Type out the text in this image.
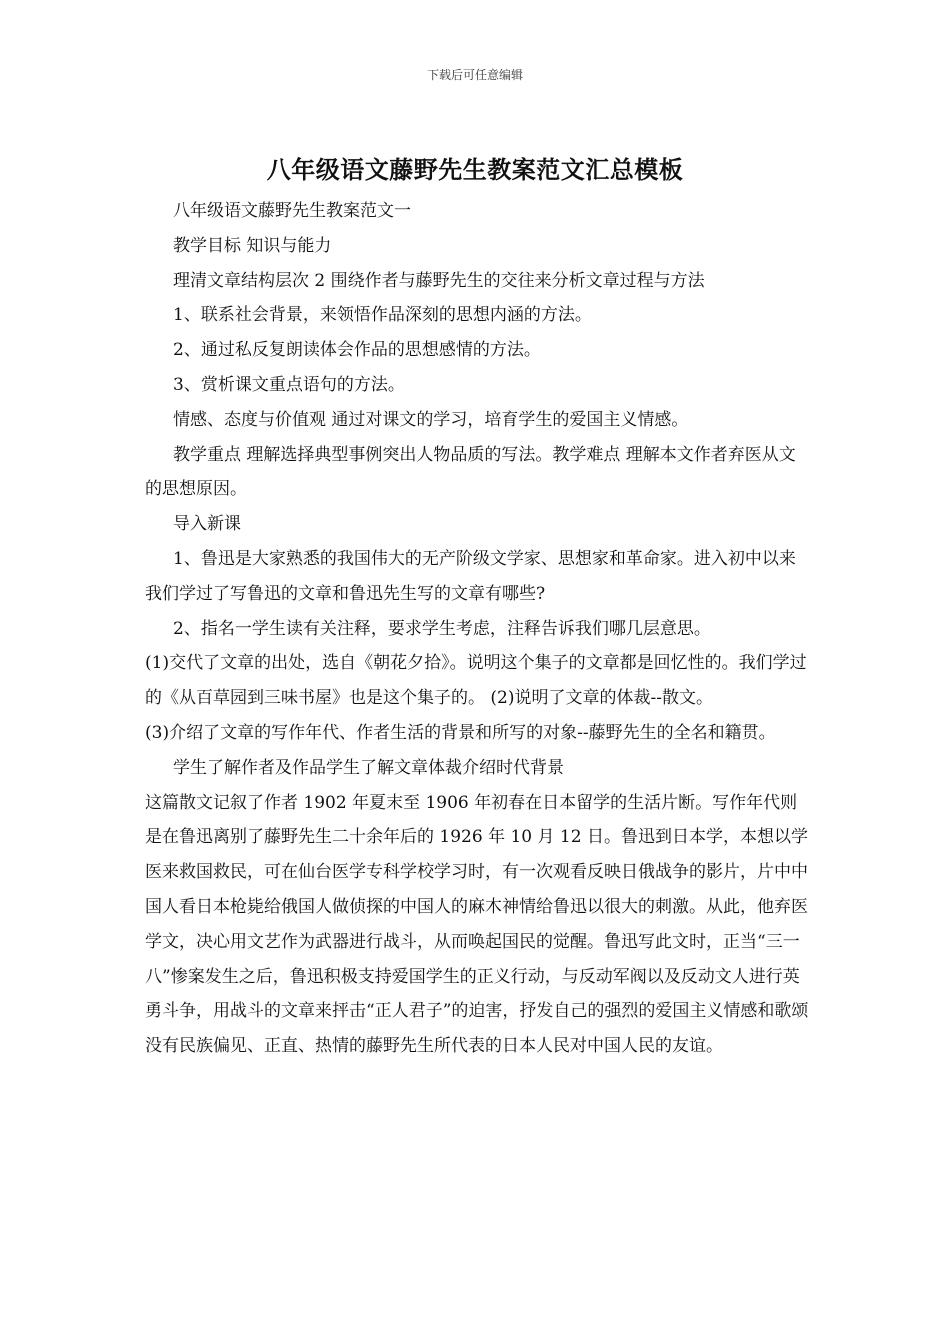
下载后可任意编辑
八年级语文藤野先生教案范文汇总模板

八年级语文藤野先生教案范文一

教学目标 知识与能力

理清文章结构层次 2 围绕作者与藤野先生的交往来分析文章过程与方法

1、联系社会背景，来领悟作品深刻的思想内涵的方法。

2、通过私反复朗读体会作品的思想感情的方法。

3、赏析课文重点语句的方法。

情感、态度与价值观 通过对课文的学习，培育学生的爱国主义情感。

教学重点 理解选择典型事例突出人物品质的写法。教学难点 理解本文作者弃医从文的思想原因。

导入新课

1、鲁迅是大家熟悉的我国伟大的无产阶级文学家、思想家和革命家。进入初中以来我们学过了写鲁迅的文章和鲁迅先生写的文章有哪些?

2、指名一学生读有关注释，要求学生考虑，注释告诉我们哪几层意思。

(1)交代了文章的出处，选自《朝花夕拾》。说明这个集子的文章都是回忆性的。我们学过的《从百草园到三味书屋》也是这个集子的。 (2)说明了文章的体裁--散文。

(3)介绍了文章的写作年代、作者生活的背景和所写的对象--藤野先生的全名和籍贯。

学生了解作者及作品学生了解文章体裁介绍时代背景

这篇散文记叙了作者 1902 年夏末至 1906 年初春在日本留学的生活片断。写作年代则是在鲁迅离别了藤野先生二十余年后的 1926 年 10 月 12 日。鲁迅到日本学，本想以学医来救国救民，可在仙台医学专科学校学习时，有一次观看反映日俄战争的影片，片中中国人看日本枪毙给俄国人做侦探的中国人的麻木神情给鲁迅以很大的刺激。从此，他弃医学文，决心用文艺作为武器进行战斗，从而唤起国民的觉醒。鲁迅写此文时，正当“三一八”惨案发生之后，鲁迅积极支持爱国学生的正义行动，与反动军阀以及反动文人进行英勇斗争，用战斗的文章来抨击“正人君子”的迫害，抒发自己的强烈的爱国主义情感和歌颂没有民族偏见、正直、热情的藤野先生所代表的日本人民对中国人民的友谊。
